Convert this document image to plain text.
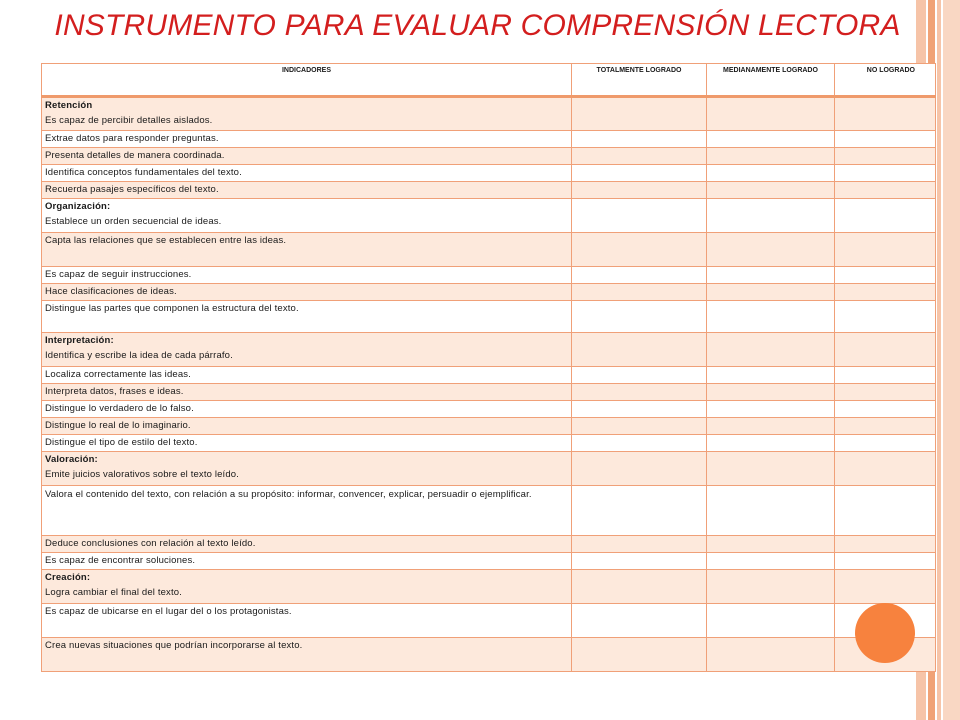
INSTRUMENTO PARA EVALUAR COMPRENSIÓN LECTORA
INDICADORES	TOTALMENTE LOGRADO	MEDIANAMENTE LOGRADO	NO LOGRADO
Retención
Es capaz de percibir detalles aislados.			
Extrae datos para responder preguntas.			
Presenta detalles de manera coordinada.			
Identifica conceptos fundamentales del texto.			
Recuerda pasajes específicos del texto.			
Organización:
Establece un orden secuencial de ideas.			
Capta las relaciones que se establecen entre las ideas.			
Es capaz de seguir instrucciones.			
Hace clasificaciones de ideas.			
Distingue las partes que componen la estructura del texto.			
Interpretación:
Identifica y escribe la idea de cada párrafo.			
Localiza correctamente las ideas.			
Interpreta datos, frases e ideas.			
Distingue lo verdadero de lo falso.			
Distingue lo real de lo imaginario.			
Distingue el tipo de estilo del texto.			
Valoración:
Emite juicios valorativos sobre el texto leído.			
Valora el contenido del texto, con relación a su propósito: informar, convencer, explicar, persuadir o ejemplificar.			
Deduce conclusiones con relación al texto leído.			
Es capaz de encontrar soluciones.			
Creación:
Logra cambiar el final del texto.			
Es capaz de ubicarse en el lugar del o los protagonistas.			
Crea nuevas situaciones que podrían incorporarse al texto.			
